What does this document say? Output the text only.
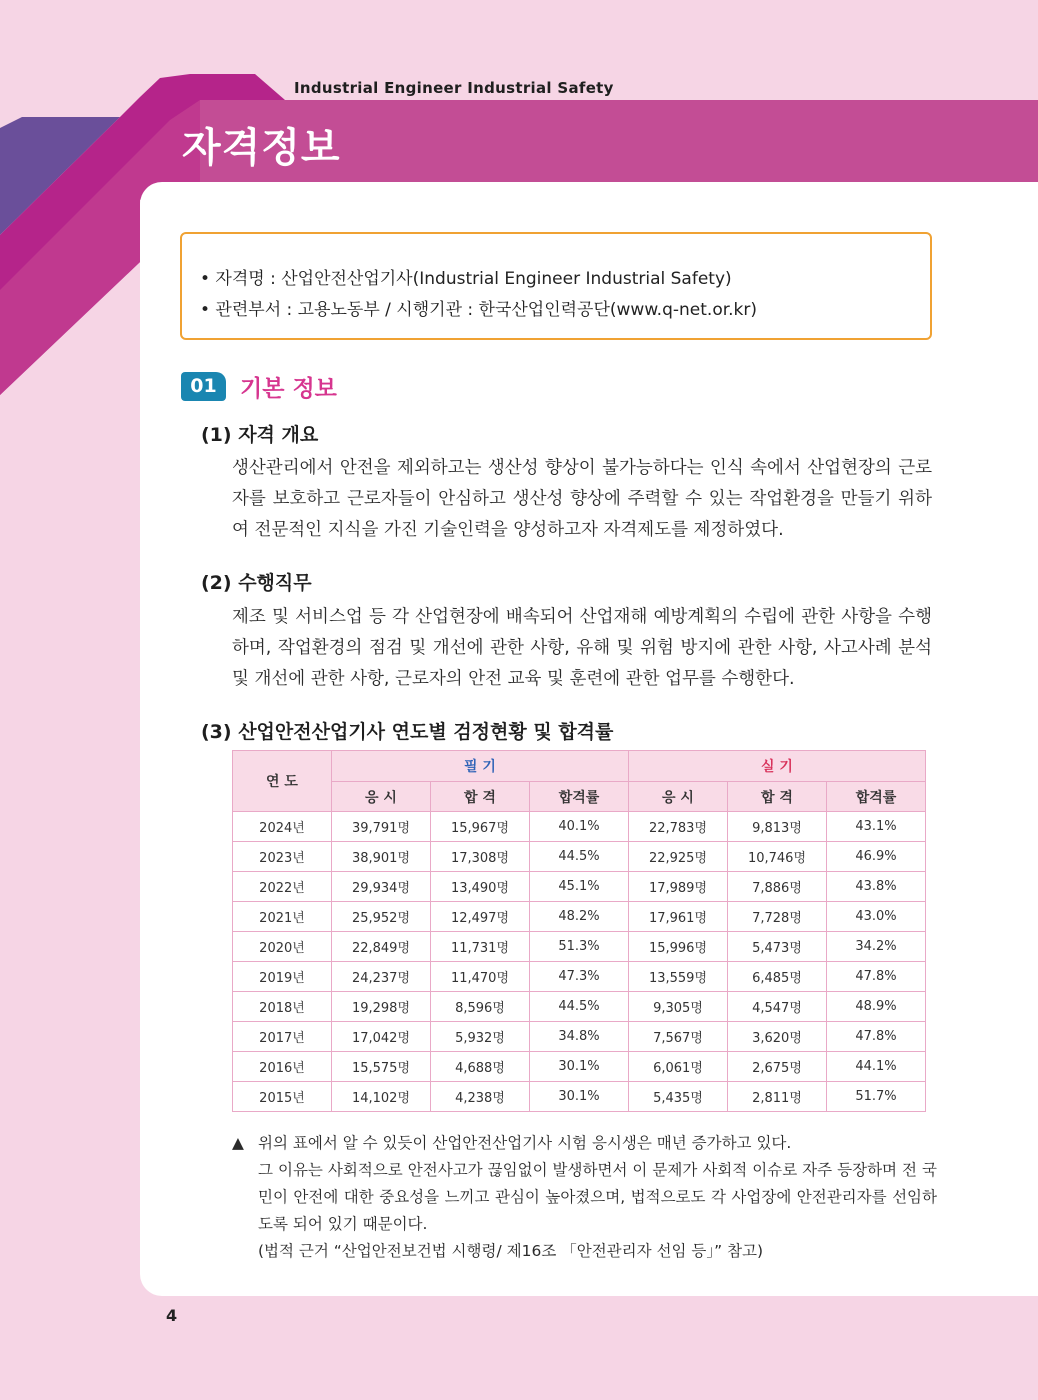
Industrial Engineer Industrial Safety
자격정보
• 자격명 : 산업안전산업기사(Industrial Engineer Industrial Safety)
• 관련부서 : 고용노동부 / 시행기관 : 한국산업인력공단(www.q-net.or.kr)
01	기본 정보
(1) 자격 개요
생산관리에서 안전을 제외하고는 생산성 향상이 불가능하다는 인식 속에서 산업현장의 근로
자를 보호하고 근로자들이 안심하고 생산성 향상에 주력할 수 있는 작업환경을 만들기 위하
여 전문적인 지식을 가진 기술인력을 양성하고자 자격제도를 제정하였다.
(2) 수행직무
제조 및 서비스업 등 각 산업현장에 배속되어 산업재해 예방계획의 수립에 관한 사항을 수행
하며, 작업환경의 점검 및 개선에 관한 사항, 유해 및 위험 방지에 관한 사항, 사고사례 분석
및 개선에 관한 사항, 근로자의 안전 교육 및 훈련에 관한 업무를 수행한다.
(3) 산업안전산업기사 연도별 검정현황 및 합격률
연 도	필 기			실 기		
	응 시	합 격	합격률	응 시	합 격	합격률
2024년	39,791명	15,967명	40.1%	22,783명	9,813명	43.1%
2023년	38,901명	17,308명	44.5%	22,925명	10,746명	46.9%
2022년	29,934명	13,490명	45.1%	17,989명	7,886명	43.8%
2021년	25,952명	12,497명	48.2%	17,961명	7,728명	43.0%
2020년	22,849명	11,731명	51.3%	15,996명	5,473명	34.2%
2019년	24,237명	11,470명	47.3%	13,559명	6,485명	47.8%
2018년	19,298명	8,596명	44.5%	9,305명	4,547명	48.9%
2017년	17,042명	5,932명	34.8%	7,567명	3,620명	47.8%
2016년	15,575명	4,688명	30.1%	6,061명	2,675명	44.1%
2015년	14,102명	4,238명	30.1%	5,435명	2,811명	51.7%
▲ 위의 표에서 알 수 있듯이 산업안전산업기사 시험 응시생은 매년 증가하고 있다.
그 이유는 사회적으로 안전사고가 끊임없이 발생하면서 이 문제가 사회적 이슈로 자주 등장하며 전 국
민이 안전에 대한 중요성을 느끼고 관심이 높아졌으며, 법적으로도 각 사업장에 안전관리자를 선임하
도록 되어 있기 때문이다.
(법적 근거 “산업안전보건법 시행령/ 제16조 「안전관리자 선임 등」” 참고)
4
